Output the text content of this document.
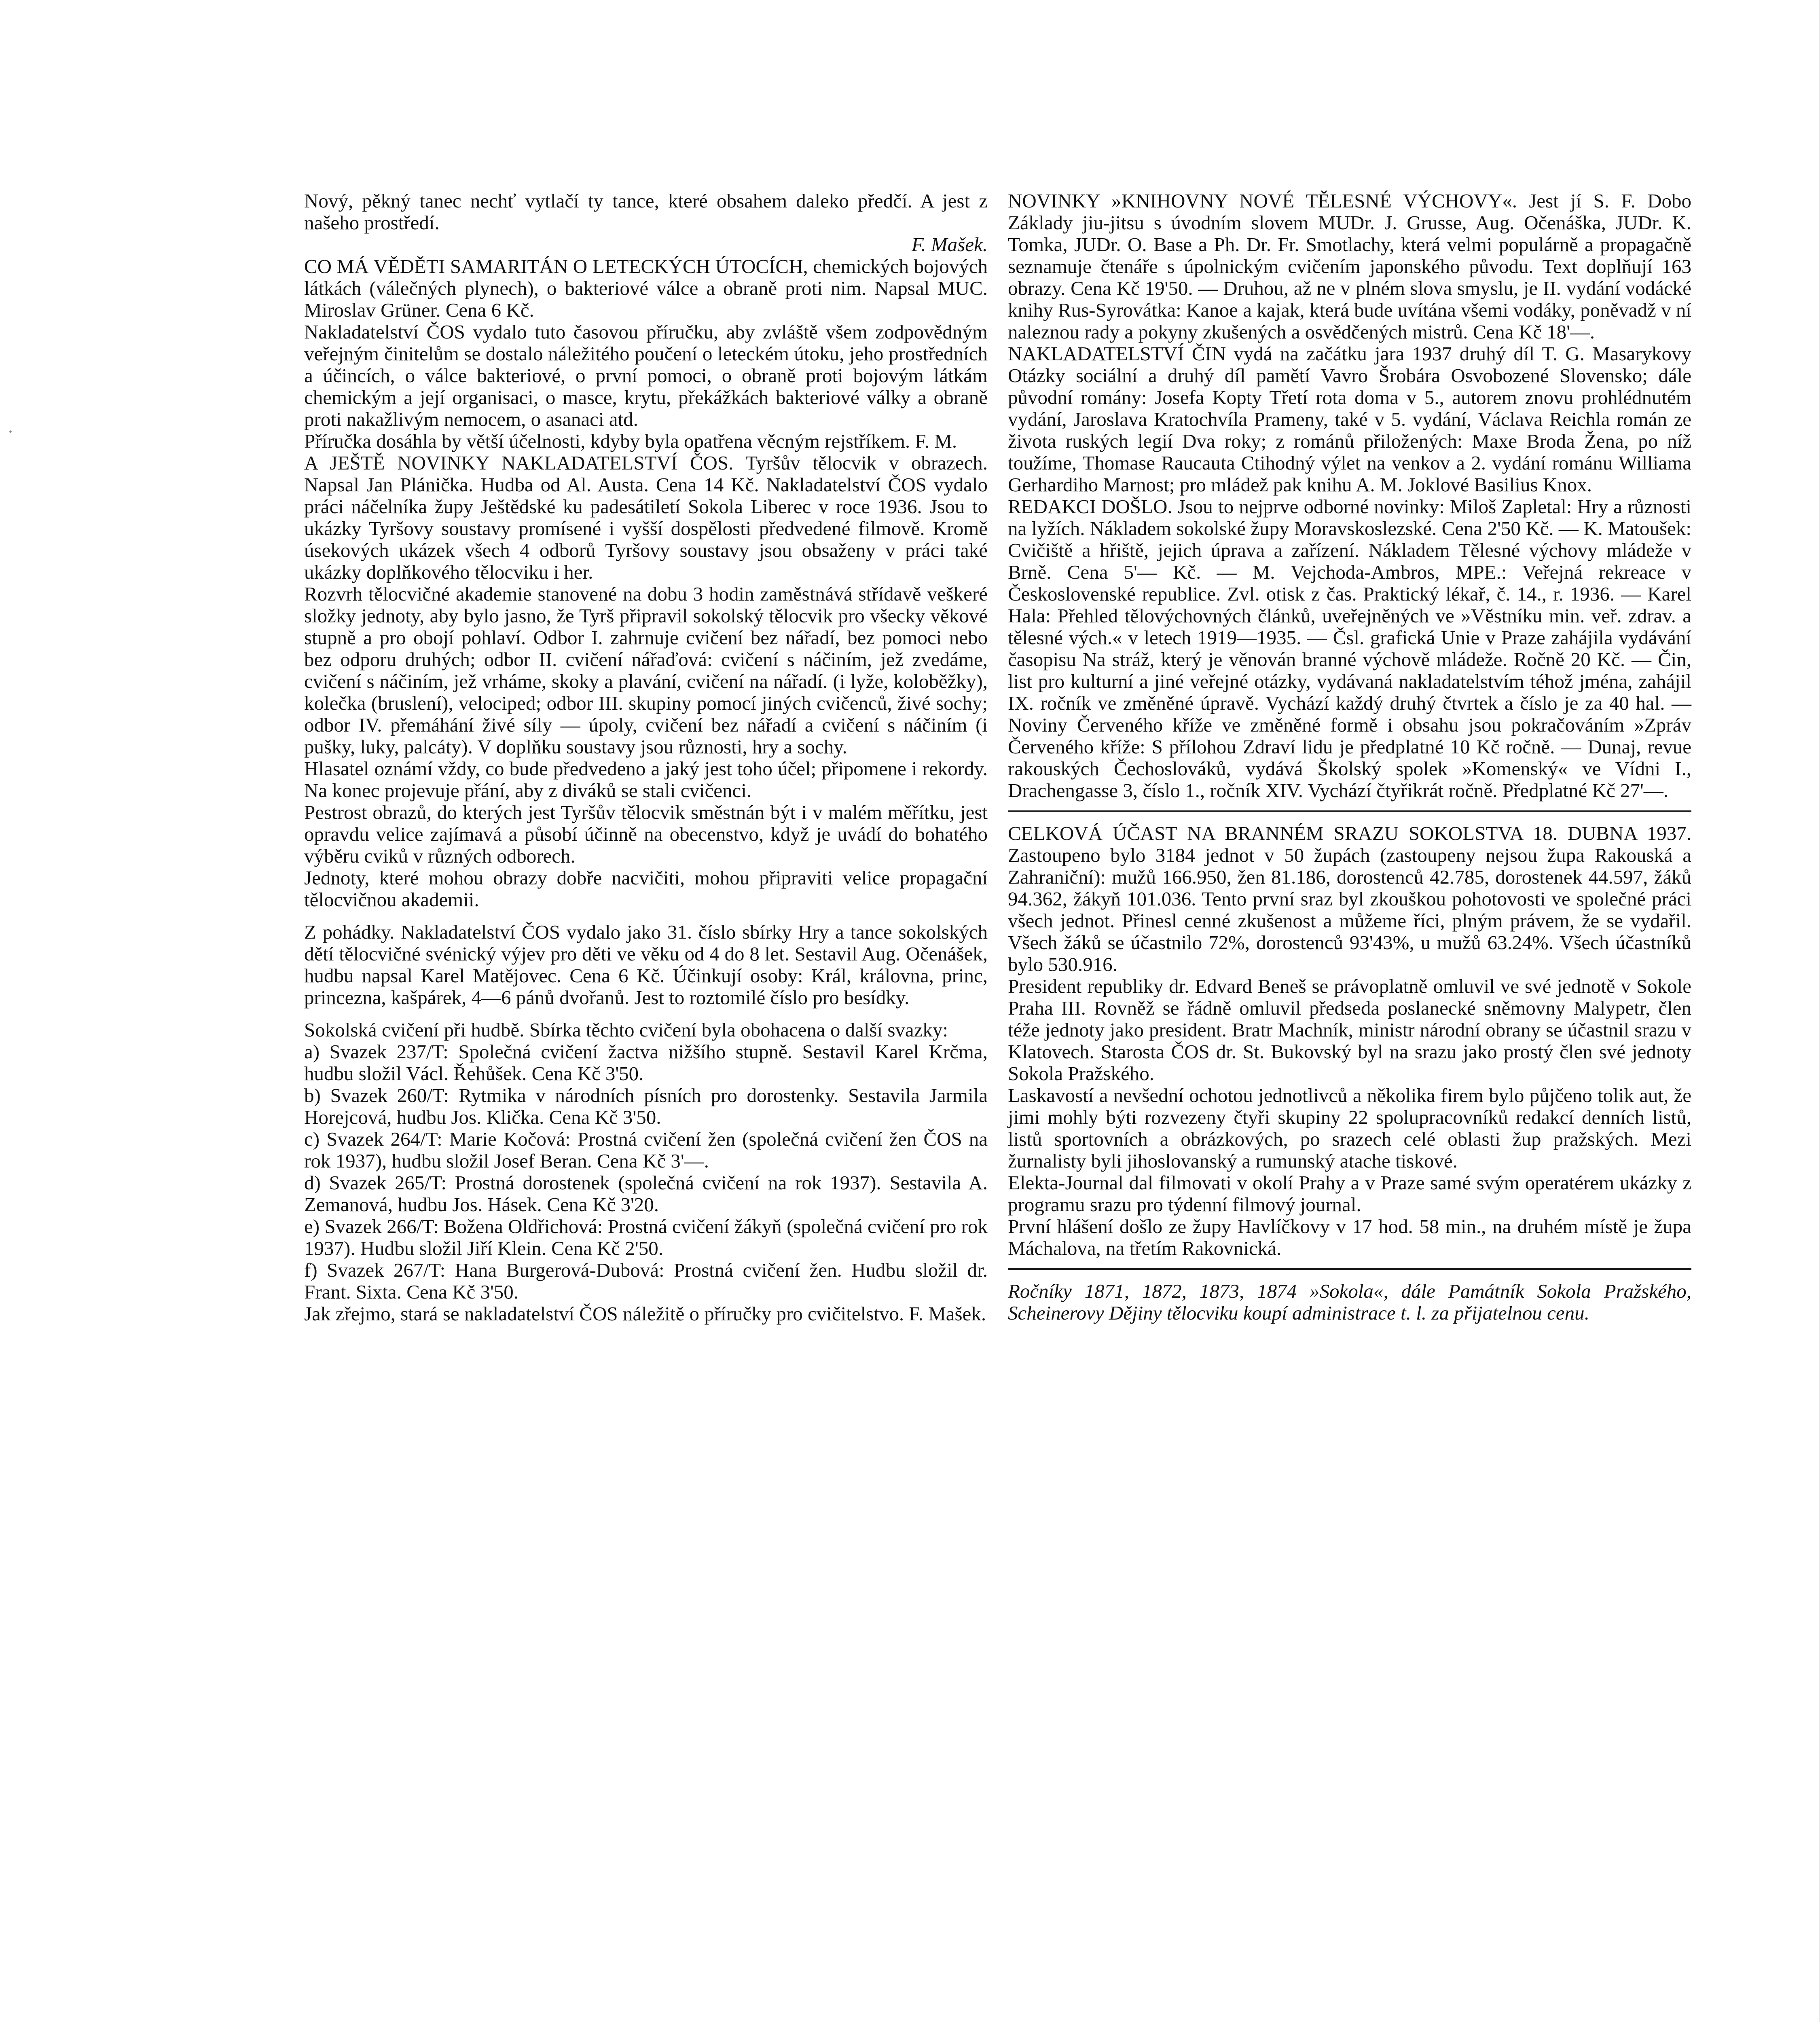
·

Nový, pěkný tanec nechť vytlačí ty tance, které obsahem daleko předčí. A jest z našeho prostředí.

F. Mašek.

CO MÁ VĚDĚTI SAMARITÁN O LETECKÝCH ÚTOCÍCH, chemických bojových látkách (válečných plynech), o bakteriové válce a obraně proti nim. Napsal MUC. Miroslav Grüner. Cena 6 Kč.

Nakladatelství ČOS vydalo tuto časovou příručku, aby zvláště všem zodpovědným veřejným činitelům se dostalo náležitého poučení o leteckém útoku, jeho prostředních a účincích, o válce bakteriové, o první pomoci, o obraně proti bojovým látkám chemickým a její organisaci, o masce, krytu, překážkách bakteriové války a obraně proti nakažlivým nemocem, o asanaci atd.

Příručka dosáhla by větší účelnosti, kdyby byla opatřena věcným rejstříkem. F. M.

A JEŠTĚ NOVINKY NAKLADATELSTVÍ ČOS. Tyršův tělocvik v obrazech. Napsal Jan Plánička. Hudba od Al. Austa. Cena 14 Kč. Nakladatelství ČOS vydalo práci náčelníka župy Ještědské ku padesátiletí Sokola Liberec v roce 1936. Jsou to ukázky Tyršovy soustavy promísené i vyšší dospělosti předvedené filmově. Kromě úsekových ukázek všech 4 odborů Tyršovy soustavy jsou obsaženy v práci také ukázky doplňkového tělocviku i her.

Rozvrh tělocvičné akademie stanovené na dobu 3 hodin zaměstnává střídavě veškeré složky jednoty, aby bylo jasno, že Tyrš připravil sokolský tělocvik pro všecky věkové stupně a pro obojí pohlaví. Odbor I. zahrnuje cvičení bez nářadí, bez pomoci nebo bez odporu druhých; odbor II. cvičení nářaďová: cvičení s náčiním, jež zvedáme, cvičení s náčiním, jež vrháme, skoky a plavání, cvičení na nářadí. (i lyže, koloběžky), kolečka (bruslení), velociped; odbor III. skupiny pomocí jiných cvičenců, živé sochy; odbor IV. přemáhání živé síly — úpoly, cvičení bez nářadí a cvičení s náčiním (i pušky, luky, palcáty). V doplňku soustavy jsou různosti, hry a sochy.

Hlasatel oznámí vždy, co bude předvedeno a jaký jest toho účel; připomene i rekordy. Na konec projevuje přání, aby z diváků se stali cvičenci.

Pestrost obrazů, do kterých jest Tyršův tělocvik směstnán být i v malém měřítku, jest opravdu velice zajímavá a působí účinně na obecenstvo, když je uvádí do bohatého výběru cviků v různých odborech.

Jednoty, které mohou obrazy dobře nacvičiti, mohou připraviti velice propagační tělocvičnou akademii.

Z pohádky. Nakladatelství ČOS vydalo jako 31. číslo sbírky Hry a tance sokolských dětí tělocvičné svénický výjev pro děti ve věku od 4 do 8 let. Sestavil Aug. Očenášek, hudbu napsal Karel Matějovec. Cena 6 Kč. Účinkují osoby: Král, královna, princ, princezna, kašpárek, 4—6 pánů dvořanů. Jest to roztomilé číslo pro besídky.

Sokolská cvičení při hudbě. Sbírka těchto cvičení byla obohacena o další svazky:

a) Svazek 237/T: Společná cvičení žactva nižšího stupně. Sestavil Karel Krčma, hudbu složil Václ. Řehůšek. Cena Kč 3'50.

b) Svazek 260/T: Rytmika v národních písních pro dorostenky. Sestavila Jarmila Horejcová, hudbu Jos. Klička. Cena Kč 3'50.

c) Svazek 264/T: Marie Kočová: Prostná cvičení žen (společná cvičení žen ČOS na rok 1937), hudbu složil Josef Beran. Cena Kč 3'—.

d) Svazek 265/T: Prostná dorostenek (společná cvičení na rok 1937). Sestavila A. Zemanová, hudbu Jos. Hásek. Cena Kč 3'20.

e) Svazek 266/T: Božena Oldřichová: Prostná cvičení žákyň (společná cvičení pro rok 1937). Hudbu složil Jiří Klein. Cena Kč 2'50.

f) Svazek 267/T: Hana Burgerová-Dubová: Prostná cvičení žen. Hudbu složil dr. Frant. Sixta. Cena Kč 3'50.

Jak zřejmo, stará se nakladatelství ČOS náležitě o příručky pro cvičitelstvo. F. Mašek.

NOVINKY »KNIHOVNY NOVÉ TĚLESNÉ VÝCHOVY«. Jest jí S. F. Dobo Základy jiu-jitsu s úvodním slovem MUDr. J. Grusse, Aug. Očenáška, JUDr. K. Tomka, JUDr. O. Base a Ph. Dr. Fr. Smotlachy, která velmi populárně a propagačně seznamuje čtenáře s úpolnickým cvičením japonského původu. Text doplňují 163 obrazy. Cena Kč 19'50. — Druhou, až ne v plném slova smyslu, je II. vydání vodácké knihy Rus-Syrovátka: Kanoe a kajak, která bude uvítána všemi vodáky, poněvadž v ní naleznou rady a pokyny zkušených a osvědčených mistrů. Cena Kč 18'—.

NAKLADATELSTVÍ ČIN vydá na začátku jara 1937 druhý díl T. G. Masarykovy Otázky sociální a druhý díl pamětí Vavro Šrobára Osvobozené Slovensko; dále původní romány: Josefa Kopty Třetí rota doma v 5., autorem znovu prohlédnutém vydání, Jaroslava Kratochvíla Prameny, také v 5. vydání, Václava Reichla román ze života ruských legií Dva roky; z románů přiložených: Maxe Broda Žena, po níž toužíme, Thomase Raucauta Ctihodný výlet na venkov a 2. vydání románu Williama Gerhardiho Marnost; pro mládež pak knihu A. M. Joklové Basilius Knox.

REDAKCI DOŠLO. Jsou to nejprve odborné novinky: Miloš Zapletal: Hry a různosti na lyžích. Nákladem sokolské župy Moravskoslezské. Cena 2'50 Kč. — K. Matoušek: Cvičiště a hřiště, jejich úprava a zařízení. Nákladem Tělesné výchovy mládeže v Brně. Cena 5'— Kč. — M. Vejchoda-Ambros, MPE.: Veřejná rekreace v Československé republice. Zvl. otisk z čas. Praktický lékař, č. 14., r. 1936. — Karel Hala: Přehled tělovýchovných článků, uveřejněných ve »Věstníku min. veř. zdrav. a tělesné vých.« v letech 1919—1935. — Čsl. grafická Unie v Praze zahájila vydávání časopisu Na stráž, který je věnován branné výchově mládeže. Ročně 20 Kč. — Čin, list pro kulturní a jiné veřejné otázky, vydávaná nakladatelstvím téhož jména, zahájil IX. ročník ve změněné úpravě. Vychází každý druhý čtvrtek a číslo je za 40 hal. — Noviny Červeného kříže ve změněné formě i obsahu jsou pokračováním »Zpráv Červeného kříže: S přílohou Zdraví lidu je předplatné 10 Kč ročně. — Dunaj, revue rakouských Čechoslováků, vydává Školský spolek »Komenský« ve Vídni I., Drachengasse 3, číslo 1., ročník XIV. Vychází čtyřikrát ročně. Předplatné Kč 27'—.

CELKOVÁ ÚČAST NA BRANNÉM SRAZU SOKOLSTVA 18. DUBNA 1937. Zastoupeno bylo 3184 jednot v 50 župách (zastoupeny nejsou župa Rakouská a Zahraniční): mužů 166.950, žen 81.186, dorostenců 42.785, dorostenek 44.597, žáků 94.362, žákyň 101.036. Tento první sraz byl zkouškou pohotovosti ve společné práci všech jednot. Přinesl cenné zkušenost a můžeme říci, plným právem, že se vydařil. Všech žáků se účastnilo 72%, dorostenců 93'43%, u mužů 63.24%. Všech účastníků bylo 530.916.

President republiky dr. Edvard Beneš se právoplatně omluvil ve své jednotě v Sokole Praha III. Rovněž se řádně omluvil předseda poslanecké sněmovny Malypetr, člen téže jednoty jako president. Bratr Machník, ministr národní obrany se účastnil srazu v Klatovech. Starosta ČOS dr. St. Bukovský byl na srazu jako prostý člen své jednoty Sokola Pražského.

Laskavostí a nevšední ochotou jednotlivců a několika firem bylo půjčeno tolik aut, že jimi mohly býti rozvezeny čtyři skupiny 22 spolupracovníků redakcí denních listů, listů sportovních a obrázkových, po srazech celé oblasti žup pražských. Mezi žurnalisty byli jihoslovanský a rumunský atache tiskové.

Elekta-Journal dal filmovati v okolí Prahy a v Praze samé svým operatérem ukázky z programu srazu pro týdenní filmový journal.

První hlášení došlo ze župy Havlíčkovy v 17 hod. 58 min., na druhém místě je župa Máchalova, na třetím Rakovnická.

Ročníky 1871, 1872, 1873, 1874 »Sokola«, dále Památník Sokola Pražského, Scheinerovy Dějiny tělocviku koupí administrace t. l. za přijatelnou cenu.
